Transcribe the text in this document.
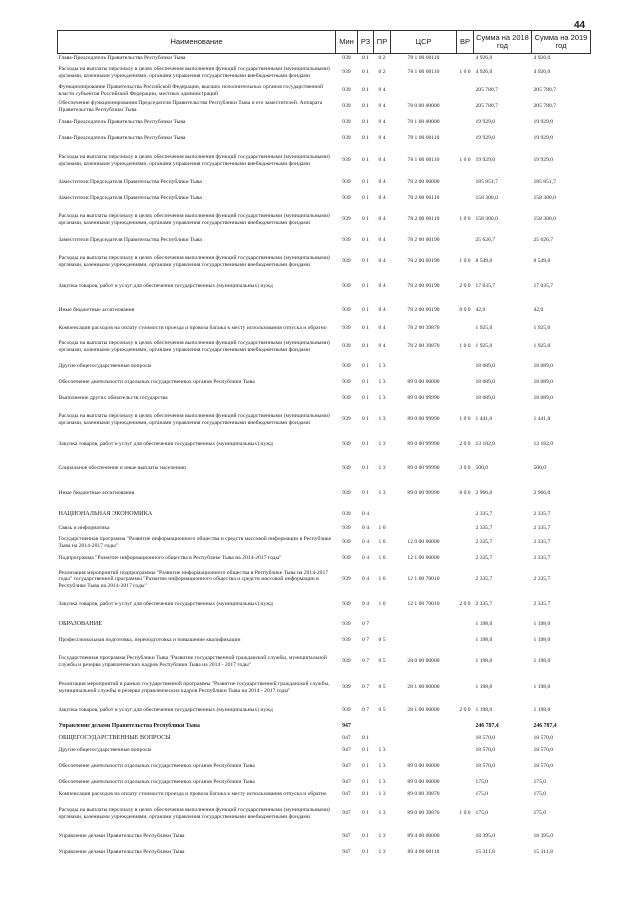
44
Наименование	Мин	РЗ	ПР	ЦСР	ВР	Сумма на 2018 год	Сумма на 2019 год
Глава-Председатель Правительства Республики Тыва	939	0 1	0 2	78 1 00 00110		4 926,0	4 926,0
Расходы на выплаты персоналу в целях обеспечения выполнения функций государственными (муниципальными) органами, казенными учреждениями, органами управления государственными внебюджетными фондами	939	0 1	0 2	78 1 00 00110	1 0 0	4 926,0	4 926,0
Функционирование Правительства Российской Федерации, высших исполнительных органов государственной власти субъектов Российской Федерации, местных администраций	939	0 1	0 4			205 780,7	205 780,7
Обеспечение функционирования Председателя Правительства Республики Тыва и его заместителей. Аппарата Правительства Республики Тыва	939	0 1	0 4	78 0 00 00000		205 780,7	205 780,7
Глава-Председатель Правительства Республики Тыва	939	0 1	0 4	78 1 00 00000		19 929,0	19 929,0
Глава-Председатель Правительства Республики Тыва	939	0 1	0 4	78 1 00 00110		19 929,0	19 929,0
Расходы на выплаты персоналу в целях обеспечения выполнения функций государственными (муниципальными) органами, казенными учреждениями, органами управления государственными внебюджетными фондами	939	0 1	0 4	78 1 00 00110	1 0 0	19 929,0	19 929,0
Заместители Председателя Правительства Республики Тыва	939	0 1	0 4	78 2 00 00000		185 851,7	185 851,7
Заместители Председателя Правительства Республики Тыва	939	0 1	0 4	78 2 00 00110		158 300,0	158 300,0
Расходы на выплаты персоналу в целях обеспечения выполнения функций государственными (муниципальными) органами, казенными учреждениями, органами управления государственными внебюджетными фондами	939	0 1	0 4	78 2 00 00110	1 0 0	158 300,0	158 300,0
Заместители Председателя Правительства Республики Тыва	939	0 1	0 4	78 2 00 00190		25 626,7	25 626,7
Расходы на выплаты персоналу в целях обеспечения выполнения функций государственными (муниципальными) органами, казенными учреждениями, органами управления государственными внебюджетными фондами	939	0 1	0 4	78 2 00 00190	1 0 0	8 549,0	8 549,0
Закупка товаров, работ и услуг для обеспечения государственных (муниципальных) нужд	939	0 1	0 4	78 2 00 00190	2 0 0	17 035,7	17 035,7
Иные бюджетные ассигнования	939	0 1	0 4	78 2 00 00190	8 0 0	42,0	42,0
Компенсация расходов на оплату стоимости проезда и провоза багажа к месту использования отпуска и обратно	939	0 1	0 4	78 2 00 39870		1 925,0	1 925,0
Расходы на выплаты персоналу в целях обеспечения выполнения функций государственными (муниципальными) органами, казенными учреждениями, органами управления государственными внебюджетными фондами	939	0 1	0 4	78 2 00 39870	1 0 0	1 925,0	1 925,0
Другие общегосударственные вопросы	939	0 1	1 3			18 089,0	18 089,0
Обеспечение деятельности отдельных государственных органов Республики Тыва	939	0 1	1 3	89 0 00 00000		18 089,0	18 089,0
Выполнение других обязательств государства	939	0 1	1 3	89 0 00 99990		18 089,0	18 089,0
Расходы на выплаты персоналу в целях обеспечения выполнения функций государственными (муниципальными) органами, казенными учреждениями, органами управления государственными внебюджетными фондами	939	0 1	1 3	89 0 00 99990	1 0 0	1 441,0	1 441,0
Закупка товаров, работ и услуг для обеспечения государственных (муниципальных) нужд	939	0 1	1 3	89 0 00 99990	2 0 0	13 182,0	13 182,0
Социальное обеспечение и иные выплаты населению	939	0 1	1 3	89 0 00 99990	3 0 0	500,0	500,0
Иные бюджетные ассигнования	939	0 1	1 3	89 0 00 99990	8 0 0	2 966,0	2 966,0
НАЦИОНАЛЬНАЯ ЭКОНОМИКА	939	0 4				2 335,7	2 335,7
Связь и информатика	939	0 4	1 0			2 335,7	2 335,7
Государственная программа "Развитие информационного общества и средств массовой информации в Республике Тыва на 2014-2017 годы"	939	0 4	1 0	12 0 00 00000		2 335,7	2 335,7
Подпрограмма "Развитие информационного общества в Республике Тыва на 2014-2017 годы"	939	0 4	1 0	12 1 00 00000		2 335,7	2 335,7
Реализация мероприятий подпрограммы "Развитие информационного общества в Республике Тыва на 2014-2017 годы" государственной программы "Развитие информационного общества и средств массовой информации в Республике Тыва на 2014-2017 годы"	939	0 4	1 0	12 1 00 70010		2 335,7	2 335,7
Закупка товаров, работ и услуг для обеспечения государственных (муниципальных) нужд	939	0 4	1 0	12 1 00 70010	2 0 0	2 335,7	2 335,7
ОБРАЗОВАНИЕ	939	0 7				1 198,0	1 198,0
Профессиональная подготовка, переподготовка и повышение квалификации	939	0 7	0 5			1 198,0	1 198,0
Государственная программа Республики Тыва "Развитие государственной гражданской службы, муниципальной службы и резерва управленческих кадров Республики Тыва на 2014 - 2017 годы"	939	0 7	0 5	28 0 00 00000		1 198,0	1 198,0
Реализация мероприятий в рамках государственной программы "Развитие государственной гражданской службы, муниципальной службы и резерва управленческих кадров Республики Тыва на 2014 - 2017 годы"	939	0 7	0 5	28 1 00 00000		1 198,0	1 198,0
Закупка товаров, работ и услуг для обеспечения государственных (муниципальных) нужд	939	0 7	0 5	28 1 00 00000	2 0 0	1 198,0	1 198,0
Управление делами Правительства Республики Тыва	947					246 787,4	246 787,4
ОБЩЕГОСУДАРСТВЕННЫЕ ВОПРОСЫ	947	0 1				18 570,0	18 570,0
Другие общегосударственные вопросы	947	0 1	1 3			18 570,0	18 570,0
Обеспечение деятельности отдельных государственных органов Республики Тыва	947	0 1	1 3	89 0 00 00000		18 570,0	18 570,0
Обеспечение деятельности отдельных государственных органов Республики Тыва	947	0 1	1 3	89 0 00 00000		175,0	175,0
Компенсация расходов на оплату стоимости проезда и провоза багажа к месту использования отпуска и обратно	947	0 1	1 3	89 0 00 39870		175,0	175,0
Расходы на выплаты персоналу в целях обеспечения выполнения функций государственными (муниципальными) органами, казенными учреждениями, органами управления государственными внебюджетными фондами	947	0 1	1 3	89 0 00 39870	1 0 0	175,0	175,0
Управление делами Правительства Республики Тыва	947	0 1	1 3	89 4 00 00000		18 395,0	18 395,0
Управление делами Правительства Республики Тыва	947	0 1	1 3	89 4 00 00110		15 311,8	15 311,8
